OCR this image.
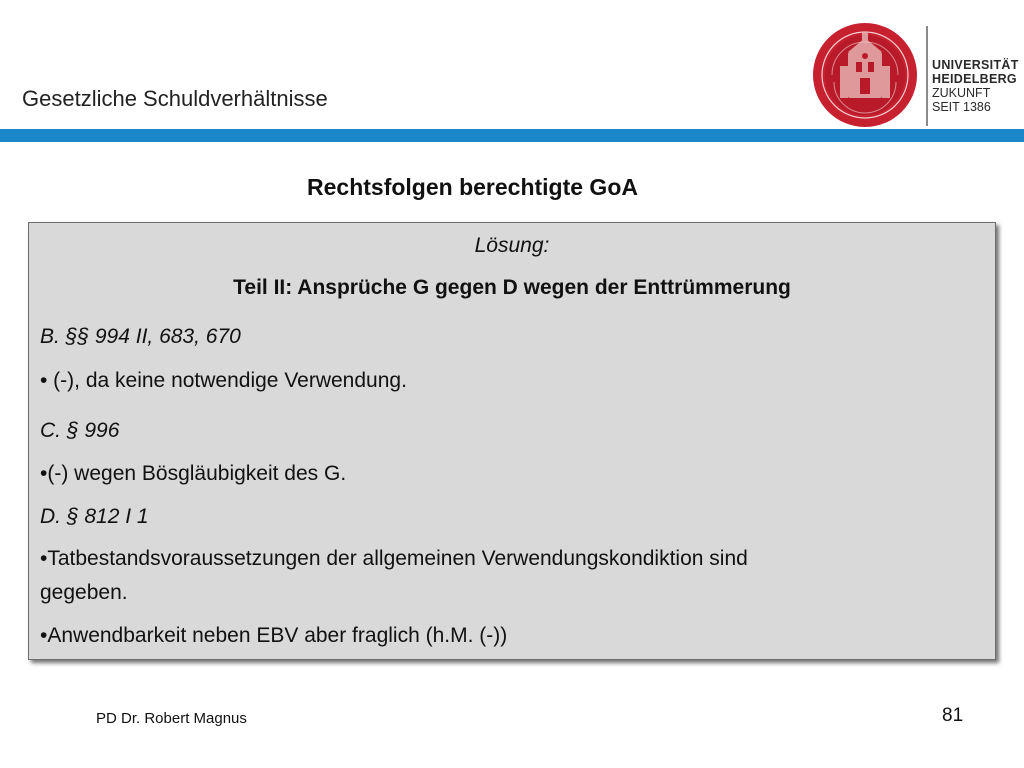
Gesetzliche Schuldverhältnisse
UNIVERSITÄT
HEIDELBERG
ZUKUNFT
SEIT 1386
Rechtsfolgen berechtigte GoA
Lösung:
Teil II: Ansprüche G gegen D wegen der Enttrümmerung
B. §§ 994 II, 683, 670
• (-), da keine notwendige Verwendung.
C. § 996
•(-) wegen Bösgläubigkeit des G.
D. § 812 I 1
•Tatbestandsvoraussetzungen der allgemeinen Verwendungskondiktion sind
gegeben.
•Anwendbarkeit neben EBV aber fraglich (h.M. (-))
PD Dr. Robert Magnus	81
